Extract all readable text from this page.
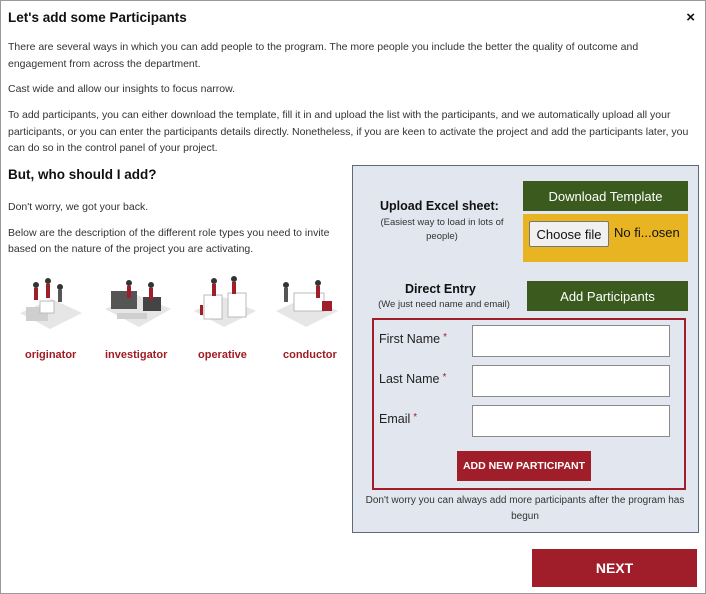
Let's add some Participants	×
There are several ways in which you can add people to the program. The more people you include the better the quality of outcome and engagement from across the department.
Cast wide and allow our insights to focus narrow.
To add participants, you can either download the template, fill it in and upload the list with the participants, and we automatically upload all your participants, or you can enter the participants details directly. Nonetheless, if you are keen to activate the project and add the participants later, you can do so in the control panel of your project.
But, who should I add?
Don't worry, we got your back.
Below are the description of the different role types you need to invite based on the nature of the project you are activating.
originator	investigator	operative	conductor
Upload Excel sheet:
(Easiest way to load in lots of people)
Download Template
Choose file No fi...osen
Direct Entry
(We just need name and email)
Add Participants
First Name *
Last Name *
Email *
ADD NEW PARTICIPANT
Don't worry you can always add more participants after the program has begun
NEXT
